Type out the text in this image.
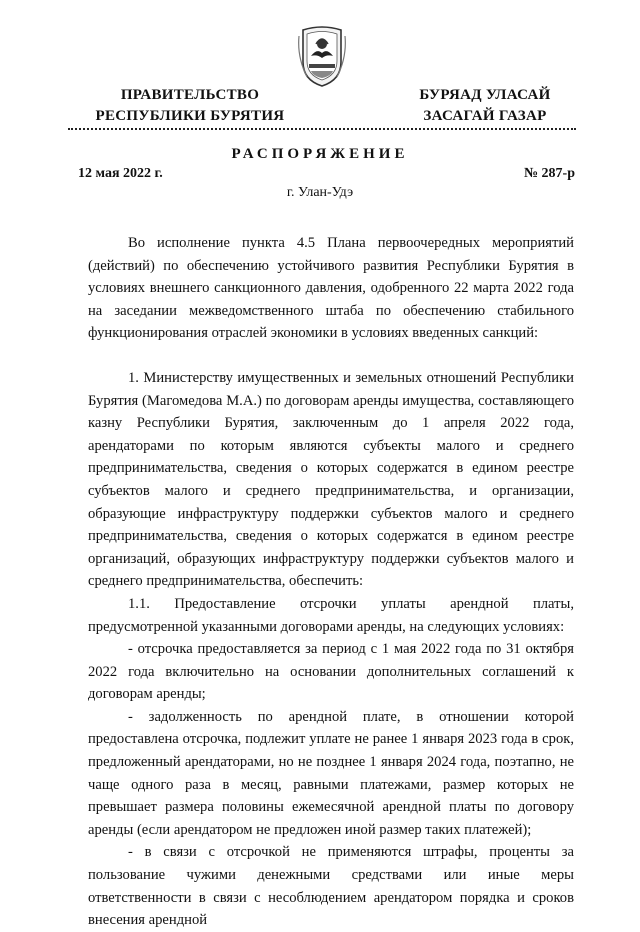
ПРАВИТЕЛЬСТВО
РЕСПУБЛИКИ БУРЯТИЯ
БУРЯАД УЛАСАЙ
ЗАСАГАЙ ГАЗАР
РАСПОРЯЖЕНИЕ
12 мая 2022 г.	№ 287-р
г. Улан-Удэ

Во исполнение пункта 4.5 Плана первоочередных мероприятий (действий) по обеспечению устойчивого развития Республики Бурятия в условиях внешнего санкционного давления, одобренного 22 марта 2022 года на заседании межведомственного штаба по обеспечению стабильного функционирования отраслей экономики в условиях введенных санкций:

1. Министерству имущественных и земельных отношений Республики Бурятия (Магомедова М.А.) по договорам аренды имущества, составляющего казну Республики Бурятия, заключенным до 1 апреля 2022 года, арендаторами по которым являются субъекты малого и среднего предпринимательства, сведения о которых содержатся в едином реестре субъектов малого и среднего предпринимательства, и организации, образующие инфраструктуру поддержки субъектов малого и среднего предпринимательства, сведения о которых содержатся в едином реестре организаций, образующих инфраструктуру поддержки субъектов малого и среднего предпринимательства, обеспечить:

1.1. Предоставление отсрочки уплаты арендной платы, предусмотренной указанными договорами аренды, на следующих условиях:

- отсрочка предоставляется за период с 1 мая 2022 года по 31 октября 2022 года включительно на основании дополнительных соглашений к договорам аренды;

- задолженность по арендной плате, в отношении которой предоставлена отсрочка, подлежит уплате не ранее 1 января 2023 года в срок, предложенный арендаторами, но не позднее 1 января 2024 года, поэтапно, не чаще одного раза в месяц, равными платежами, размер которых не превышает размера половины ежемесячной арендной платы по договору аренды (если арендатором не предложен иной размер таких платежей);

- в связи с отсрочкой не применяются штрафы, проценты за пользование чужими денежными средствами или иные меры ответственности в связи с несоблюдением арендатором порядка и сроков внесения арендной
